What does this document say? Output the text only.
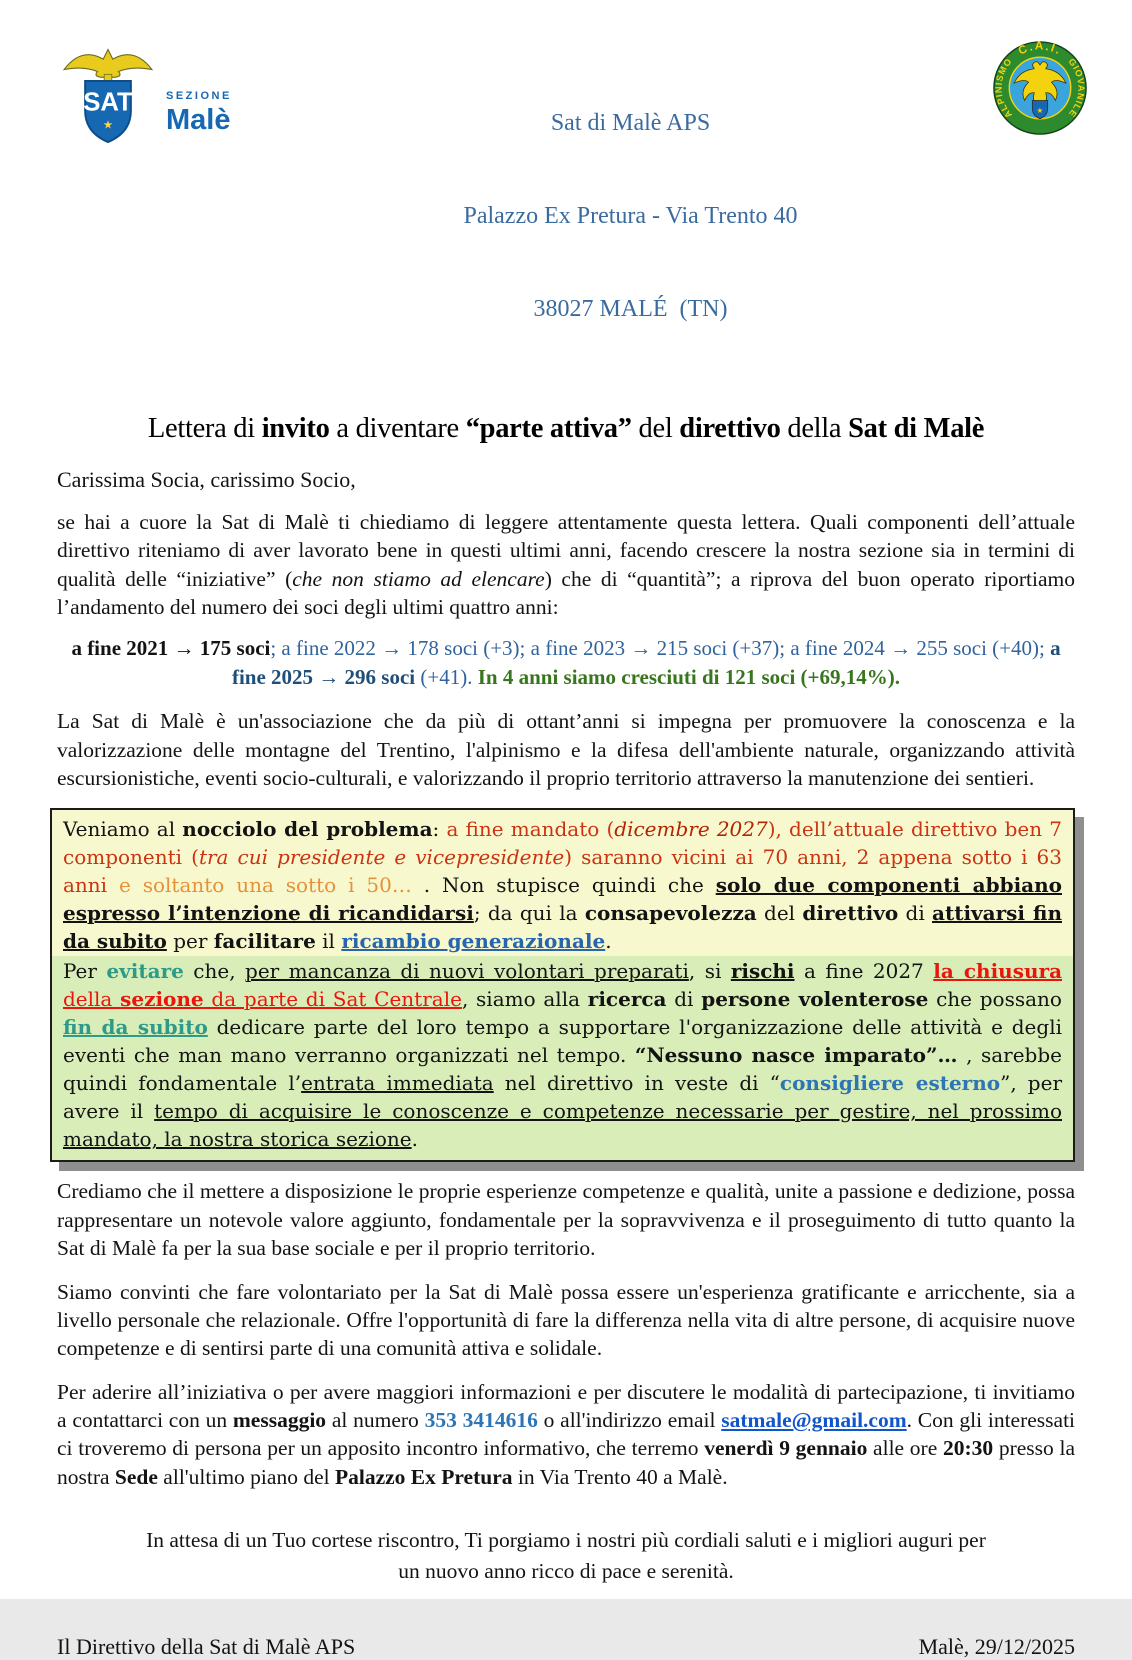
SAT
★
SEZIONE
Malè

	Sat di Malè APS

Palazzo Ex Pretura - Via Trento 40

38027 MALÉ  (TN)

C.A.I.
ALPINISMO	GIOVANILE
★
Lettera di invito a diventare “parte attiva” del direttivo della Sat di Malè
Carissima Socia, carissimo Socio,

se hai a cuore la Sat di Malè ti chiediamo di leggere attentamente questa lettera. Quali componenti dell’attuale direttivo riteniamo di aver lavorato bene in questi ultimi anni, facendo crescere la nostra sezione sia in termini di qualità delle “iniziative” (che non stiamo ad elencare) che di “quantità”; a riprova del buon operato riportiamo l’andamento del numero dei soci degli ultimi quattro anni:

a fine 2021 → 175 soci; a fine 2022 → 178 soci (+3); a fine 2023 → 215 soci (+37); a fine 2024 → 255 soci (+40); a fine 2025 → 296 soci (+41). In 4 anni siamo cresciuti di 121 soci (+69,14%).

La Sat di Malè è un'associazione che da più di ottant’anni si impegna per promuovere la conoscenza e la valorizzazione delle montagne del Trentino, l'alpinismo e la difesa dell'ambiente naturale, organizzando attività escursionistiche, eventi socio-culturali, e valorizzando il proprio territorio attraverso la manutenzione dei sentieri.

Veniamo al nocciolo del problema: a fine mandato (dicembre 2027), dell’attuale direttivo ben 7 componenti (tra cui presidente e vicepresidente) saranno vicini ai 70 anni, 2 appena sotto i 63 anni e soltanto una sotto i 50… . Non stupisce quindi che solo due componenti abbiano espresso l’intenzione di ricandidarsi; da qui la consapevolezza del direttivo di attivarsi fin da subito per facilitare il ricambio generazionale.
Per evitare che, per mancanza di nuovi volontari preparati, si rischi a fine 2027 la chiusura della sezione da parte di Sat Centrale, siamo alla ricerca di persone volenterose che possano fin da subito dedicare parte del loro tempo a supportare l'organizzazione delle attività e degli eventi che man mano verranno organizzati nel tempo. “Nessuno nasce imparato”… , sarebbe quindi fondamentale l’entrata immediata nel direttivo in veste di “consigliere esterno”, per avere il tempo di acquisire le conoscenze e competenze necessarie per gestire, nel prossimo mandato, la nostra storica sezione.

Crediamo che il mettere a disposizione le proprie esperienze competenze e qualità, unite a passione e dedizione, possa rappresentare un notevole valore aggiunto, fondamentale per la sopravvivenza e il proseguimento di tutto quanto la Sat di Malè fa per la sua base sociale e per il proprio territorio.

Siamo convinti che fare volontariato per la Sat di Malè possa essere un'esperienza gratificante e arricchente, sia a livello personale che relazionale. Offre l'opportunità di fare la differenza nella vita di altre persone, di acquisire nuove competenze e di sentirsi parte di una comunità attiva e solidale.

Per aderire all’iniziativa o per avere maggiori informazioni e per discutere le modalità di partecipazione, ti invitiamo a contattarci con un messaggio al numero 353 3414616 o all'indirizzo email satmale@gmail.com. Con gli interessati ci troveremo di persona per un apposito incontro informativo, che terremo venerdì 9 gennaio alle ore 20:30 presso la nostra Sede all'ultimo piano del Palazzo Ex Pretura in Via Trento 40 a Malè.

In attesa di un Tuo cortese riscontro, Ti porgiamo i nostri più cordiali saluti e i migliori auguri per un nuovo anno ricco di pace e serenità.
Il Direttivo della Sat di Malè APS	Malè, 29/12/2025
